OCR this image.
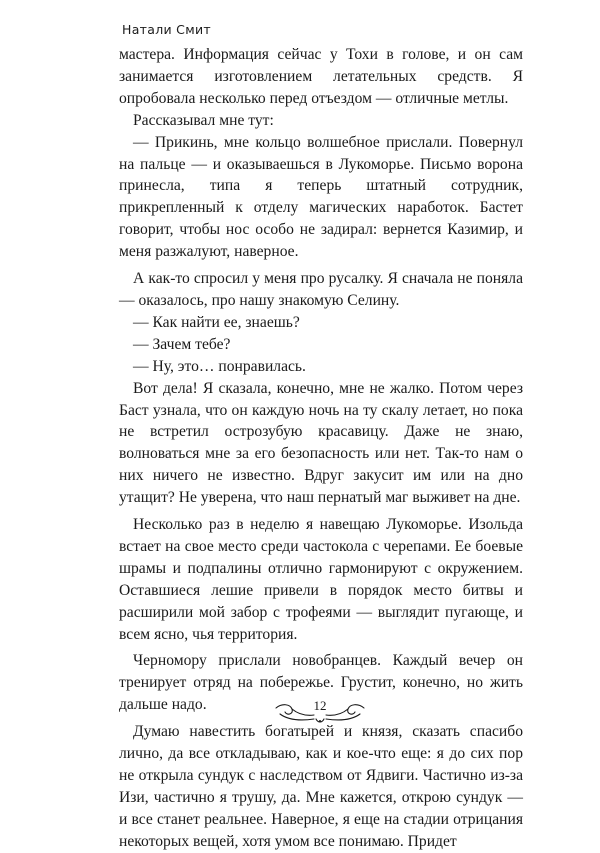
Натали Смит

мастера. Информация сейчас у Тохи в голове, и он сам занимается изготовлением летательных средств. Я опробовала несколько перед отъездом — отличные метлы.

Рассказывал мне тут:

— Прикинь, мне кольцо волшебное прислали. Повернул на пальце — и оказываешься в Лукоморье. Письмо ворона принесла, типа я теперь штатный сотрудник, прикрепленный к отделу магических наработок. Бастет говорит, чтобы нос особо не задирал: вернется Казимир, и меня разжалуют, наверное.

А как-то спросил у меня про русалку. Я сначала не поняла — оказалось, про нашу знакомую Селину.

— Как найти ее, знаешь?

— Зачем тебе?

— Ну, это… понравилась.

Вот дела! Я сказала, конечно, мне не жалко. Потом через Баст узнала, что он каждую ночь на ту скалу летает, но пока не встретил острозубую красавицу. Даже не знаю, волноваться мне за его безопасность или нет. Так-то нам о них ничего не известно. Вдруг закусит им или на дно утащит? Не уверена, что наш пернатый маг выживет на дне.

Несколько раз в неделю я навещаю Лукоморье. Изольда встает на свое место среди частокола с черепами. Ее боевые шрамы и подпалины отлично гармонируют с окружением. Оставшиеся лешие привели в порядок место битвы и расширили мой забор с трофеями — выглядит пугающе, и всем ясно, чья территория.

Черномору прислали новобранцев. Каждый вечер он тренирует отряд на побережье. Грустит, конечно, но жить дальше надо.

Думаю навестить богатырей и князя, сказать спасибо лично, да все откладываю, как и кое-что еще: я до сих пор не открыла сундук с наследством от Ядвиги. Частично из-за Изи, частично я трушу, да. Мне кажется, открою сундук — и все станет реальнее. Наверное, я еще на стадии отрицания некоторых вещей, хотя умом все понимаю. Придет

12
